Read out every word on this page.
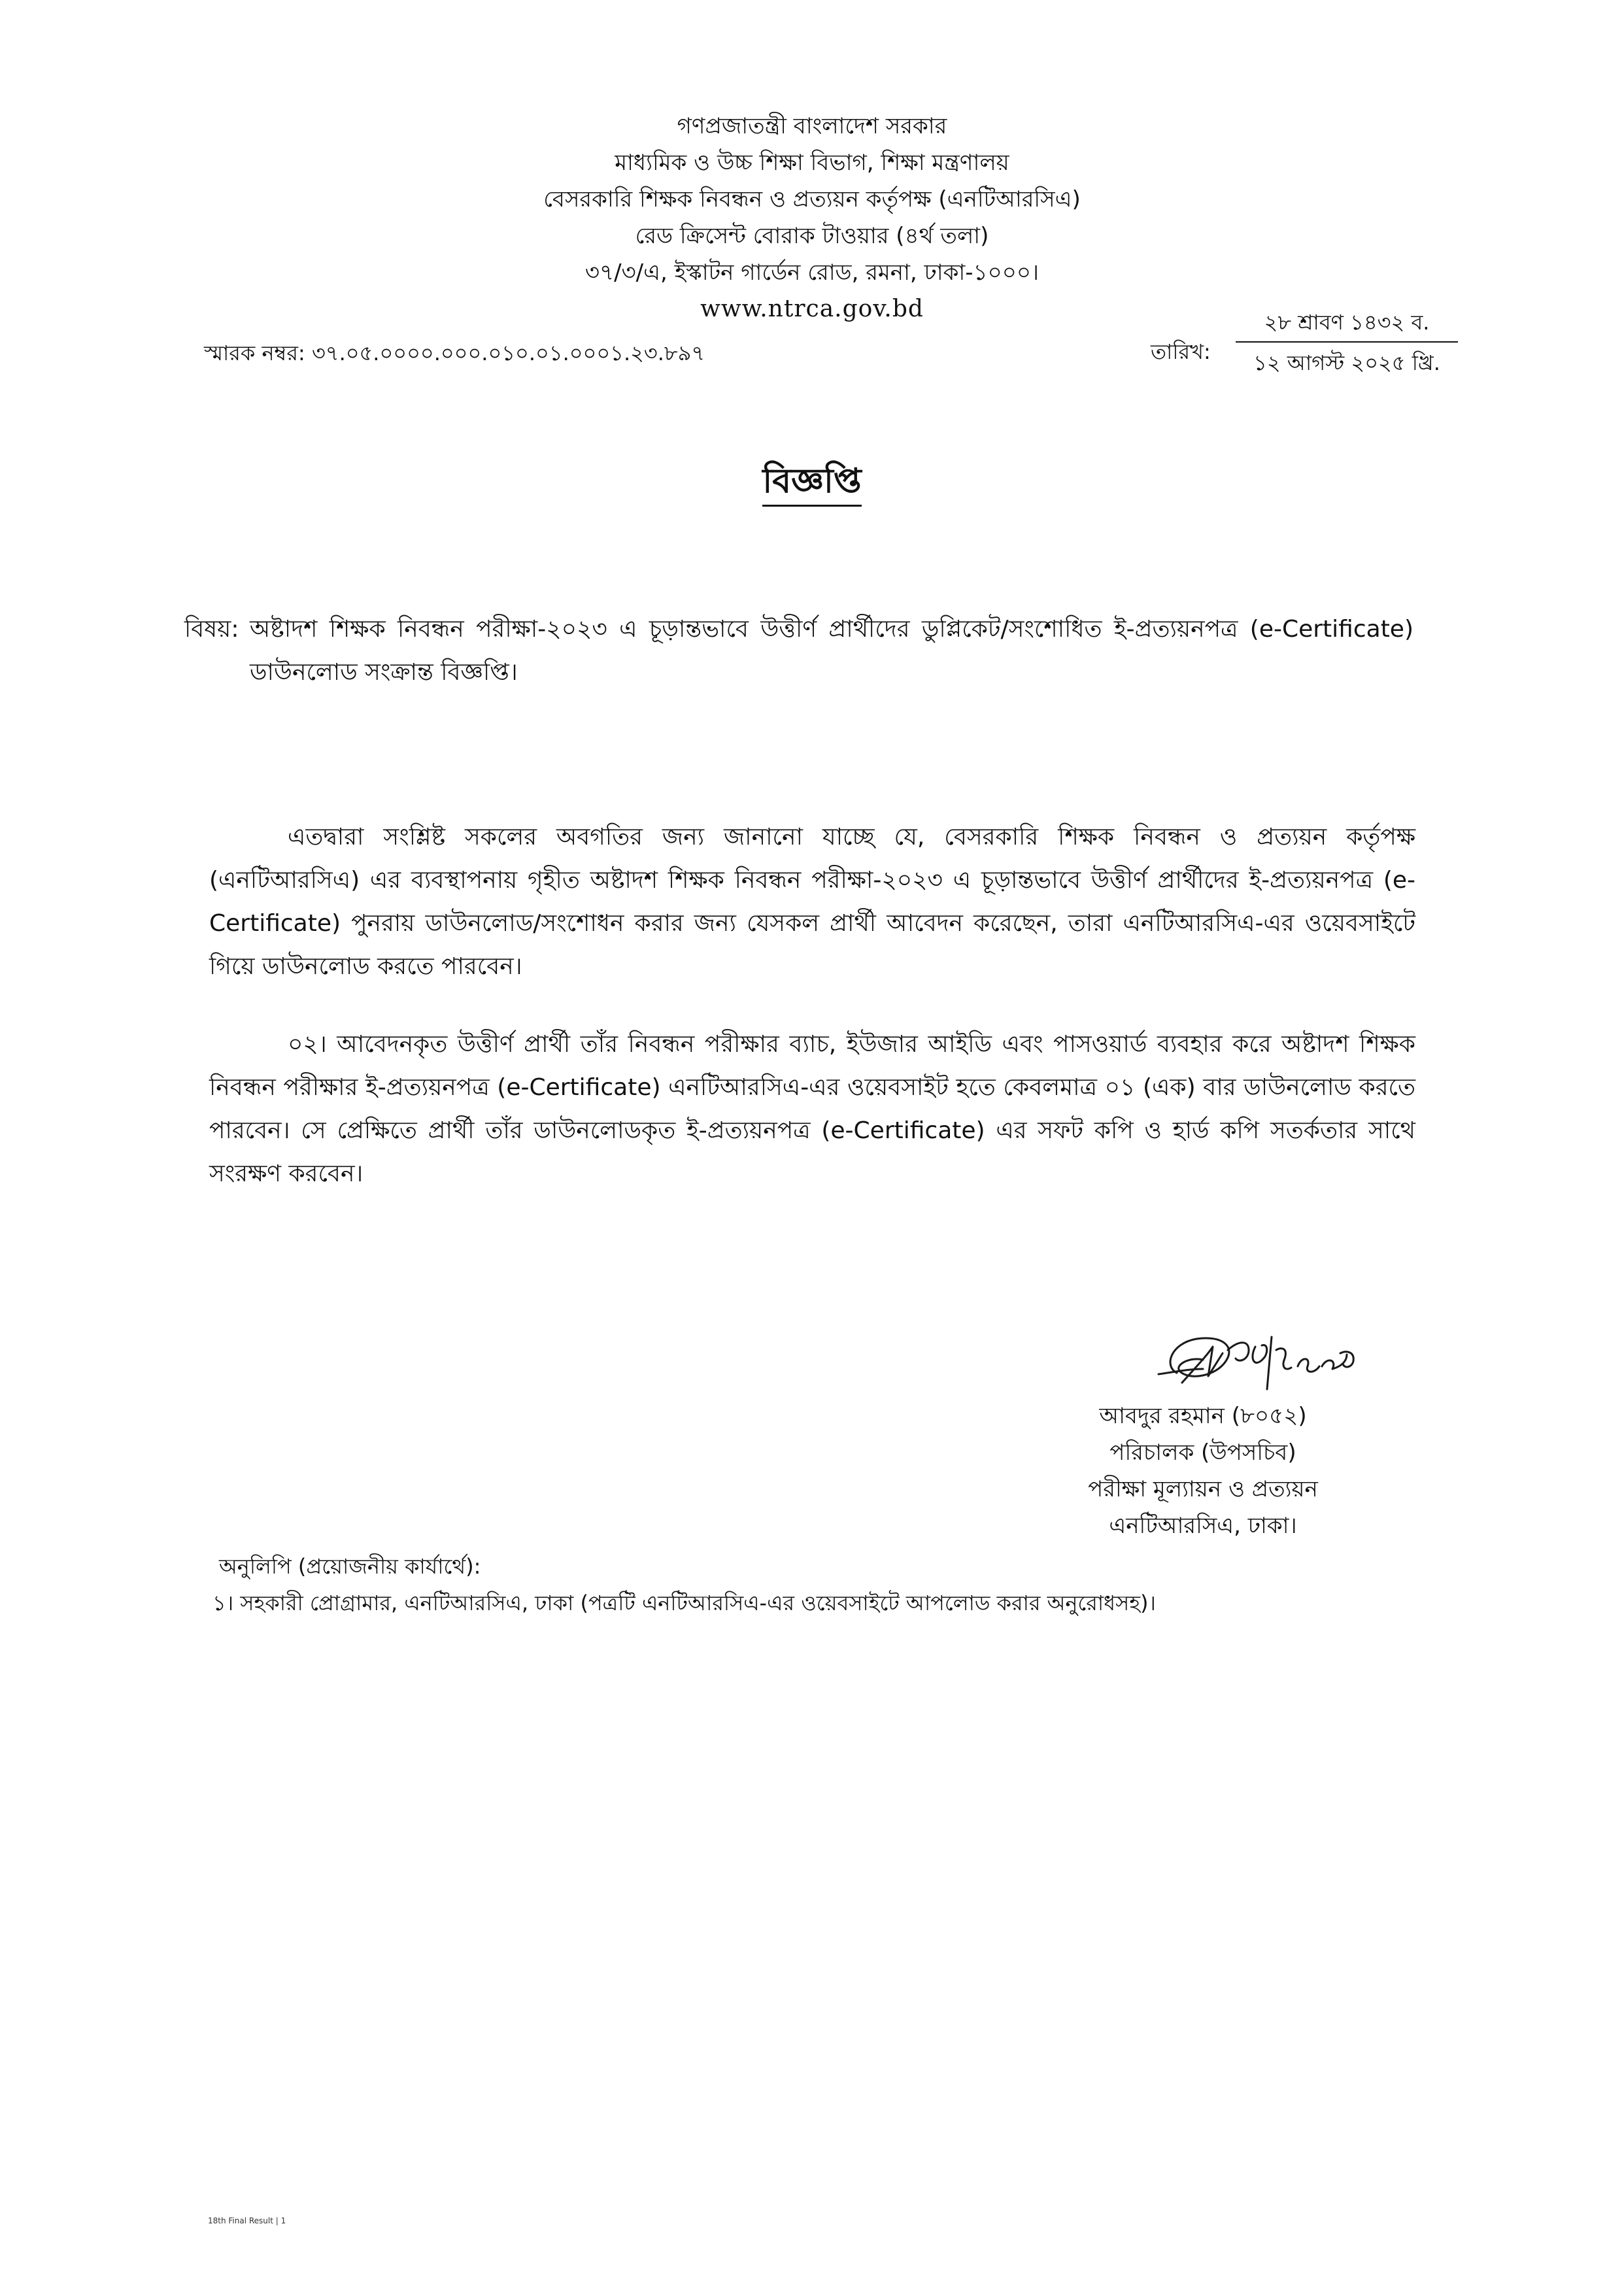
গণপ্রজাতন্ত্রী বাংলাদেশ সরকার
মাধ্যমিক ও উচ্চ শিক্ষা বিভাগ, শিক্ষা মন্ত্রণালয়
বেসরকারি শিক্ষক নিবন্ধন ও প্রত্যয়ন কর্তৃপক্ষ (এনটিআরসিএ)
রেড ক্রিসেন্ট বোরাক টাওয়ার (৪র্থ তলা)
৩৭/৩/এ, ইস্কাটন গার্ডেন রোড, রমনা, ঢাকা-১০০০।
www.ntrca.gov.bd
স্মারক নম্বর: ৩৭.০৫.০০০০.০০০.০১০.০১.০০০১.২৩.৮৯৭	তারিখ:
২৮ শ্রাবণ ১৪৩২ ব.
১২ আগস্ট ২০২৫ খ্রি.
বিজ্ঞপ্তি
বিষয়: অষ্টাদশ শিক্ষক নিবন্ধন পরীক্ষা-২০২৩ এ চূড়ান্তভাবে উত্তীর্ণ প্রার্থীদের ডুপ্লিকেট/সংশোধিত ই-প্রত্যয়নপত্র (e-Certificate) ডাউনলোড সংক্রান্ত বিজ্ঞপ্তি।
এতদ্বারা সংশ্লিষ্ট সকলের অবগতির জন্য জানানো যাচ্ছে যে, বেসরকারি শিক্ষক নিবন্ধন ও প্রত্যয়ন কর্তৃপক্ষ (এনটিআরসিএ) এর ব্যবস্থাপনায় গৃহীত অষ্টাদশ শিক্ষক নিবন্ধন পরীক্ষা-২০২৩ এ চূড়ান্তভাবে উত্তীর্ণ প্রার্থীদের ই-প্রত্যয়নপত্র (e-Certificate) পুনরায় ডাউনলোড/সংশোধন করার জন্য যেসকল প্রার্থী আবেদন করেছেন, তারা এনটিআরসিএ-এর ওয়েবসাইটে গিয়ে ডাউনলোড করতে পারবেন।
০২। আবেদনকৃত উত্তীর্ণ প্রার্থী তাঁর নিবন্ধন পরীক্ষার ব্যাচ, ইউজার আইডি এবং পাসওয়ার্ড ব্যবহার করে অষ্টাদশ শিক্ষক নিবন্ধন পরীক্ষার ই-প্রত্যয়নপত্র (e-Certificate) এনটিআরসিএ-এর ওয়েবসাইট হতে কেবলমাত্র ০১ (এক) বার ডাউনলোড করতে পারবেন। সে প্রেক্ষিতে প্রার্থী তাঁর ডাউনলোডকৃত ই-প্রত্যয়নপত্র (e-Certificate) এর সফট কপি ও হার্ড কপি সতর্কতার সাথে সংরক্ষণ করবেন।
আবদুর রহমান (৮০৫২)
পরিচালক (উপসচিব)
পরীক্ষা মূল্যায়ন ও প্রত্যয়ন
এনটিআরসিএ, ঢাকা।
অনুলিপি (প্রয়োজনীয় কার্যার্থে):
১। সহকারী প্রোগ্রামার, এনটিআরসিএ, ঢাকা (পত্রটি এনটিআরসিএ-এর ওয়েবসাইটে আপলোড করার অনুরোধসহ)।
18th Final Result | 1
